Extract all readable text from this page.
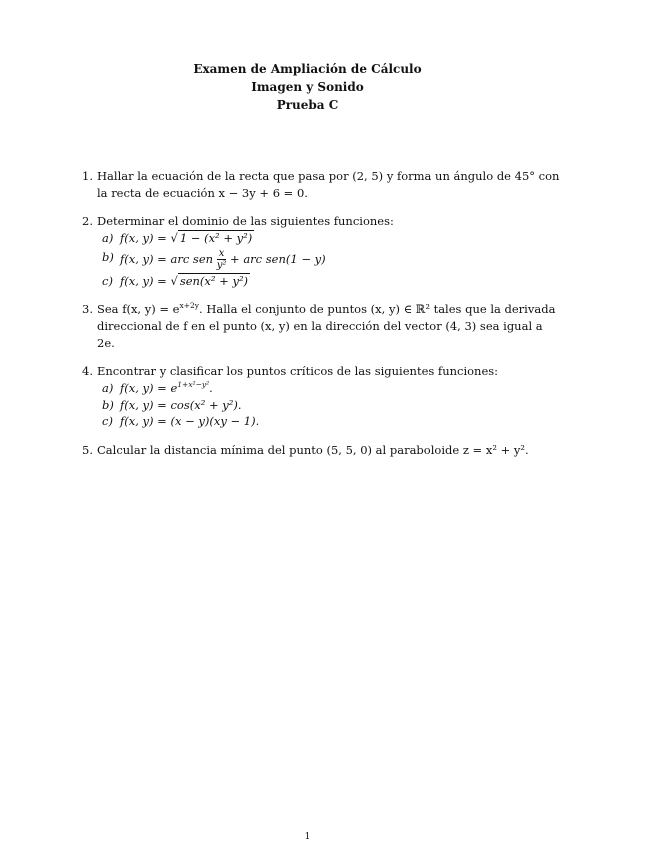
Examen de Ampliación de Cálculo
Imagen y Sonido
Prueba C
1. Hallar la ecuación de la recta que pasa por (2, 5) y forma un ángulo de 45° con la recta de ecuación x − 3y + 6 = 0.
2. Determinar el dominio de las siguientes funciones:
a) f(x, y) = √ 1 − (x² + y²)
b) f(x, y) = arc sen $\frac{x}{\text{y²}}$ + arc sen(1 − y)
c) f(x, y) = √ sen(x² + y²)
3. Sea f(x, $y) = e^{x+2y}$. Halla el conjunto de puntos (x, y) ∈ ℝ² tales que la derivada direccional de f en el punto (x, y) en la dirección del vector (4, 3) sea igual a 2e.
4. Encontrar y clasificar los puntos críticos de las siguientes funciones:
a) f(x, $y) = e^{1+x^2-y^2}$.
b) f(x, y) = cos(x² + y²).
c) f(x, y) = (x − y)(xy − 1).
5. Calcular la distancia mínima del punto (5, 5, 0) al paraboloide z = x² + y².
1
